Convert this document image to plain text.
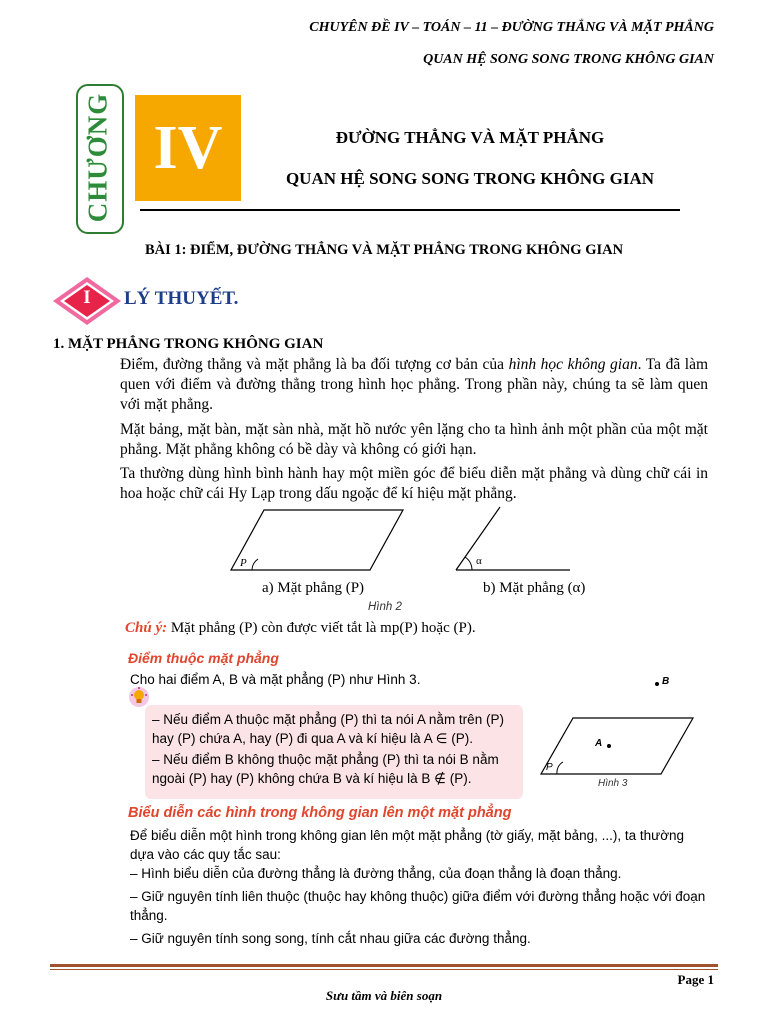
CHUYÊN ĐỀ IV – TOÁN – 11 – ĐƯỜNG THẲNG VÀ MẶT PHẲNG
QUAN HỆ SONG SONG TRONG KHÔNG GIAN
CHƯƠNG IV	ĐƯỜNG THẲNG VÀ MẶT PHẲNG
QUAN HỆ SONG SONG TRONG KHÔNG GIAN
BÀI 1: ĐIỂM, ĐƯỜNG THẲNG VÀ MẶT PHẲNG TRONG KHÔNG GIAN
I	LÝ THUYẾT.
1. MẶT PHẲNG TRONG KHÔNG GIAN
Điểm, đường thẳng và mặt phẳng là ba đối tượng cơ bản của hình học không gian. Ta đã làm quen với điểm và đường thẳng trong hình học phẳng. Trong phần này, chúng ta sẽ làm quen với mặt phẳng.
Mặt bảng, mặt bàn, mặt sàn nhà, mặt hồ nước yên lặng cho ta hình ảnh một phần của một mặt phẳng. Mặt phẳng không có bề dày và không có giới hạn.
Ta thường dùng hình bình hành hay một miền góc để biểu diễn mặt phẳng và dùng chữ cái in hoa hoặc chữ cái Hy Lạp trong dấu ngoặc để kí hiệu mặt phẳng.
P	α
a) Mặt phẳng (P)	b) Mặt phẳng (α)
Hình 2
Chú ý: Mặt phẳng (P) còn được viết tắt là mp(P) hoặc (P).
Điểm thuộc mặt phẳng
Cho hai điểm A, B và mặt phẳng (P) như Hình 3.
– Nếu điểm A thuộc mặt phẳng (P) thì ta nói A nằm trên (P) hay (P) chứa A, hay (P) đi qua A và kí hiệu là A ∈ (P).
– Nếu điểm B không thuộc mặt phẳng (P) thì ta nói B nằm ngoài (P) hay (P) không chứa B và kí hiệu là B ∉ (P).
B
A
P
Hình 3
Biểu diễn các hình trong không gian lên một mặt phẳng
Để biểu diễn một hình trong không gian lên một mặt phẳng (tờ giấy, mặt bảng, ...), ta thường dựa vào các quy tắc sau:
– Hình biểu diễn của đường thẳng là đường thẳng, của đoạn thẳng là đoạn thẳng.
– Giữ nguyên tính liên thuộc (thuộc hay không thuộc) giữa điểm với đường thẳng hoặc với đoạn thẳng.
– Giữ nguyên tính song song, tính cắt nhau giữa các đường thẳng.
Page 1
Sưu tầm và biên soạn
